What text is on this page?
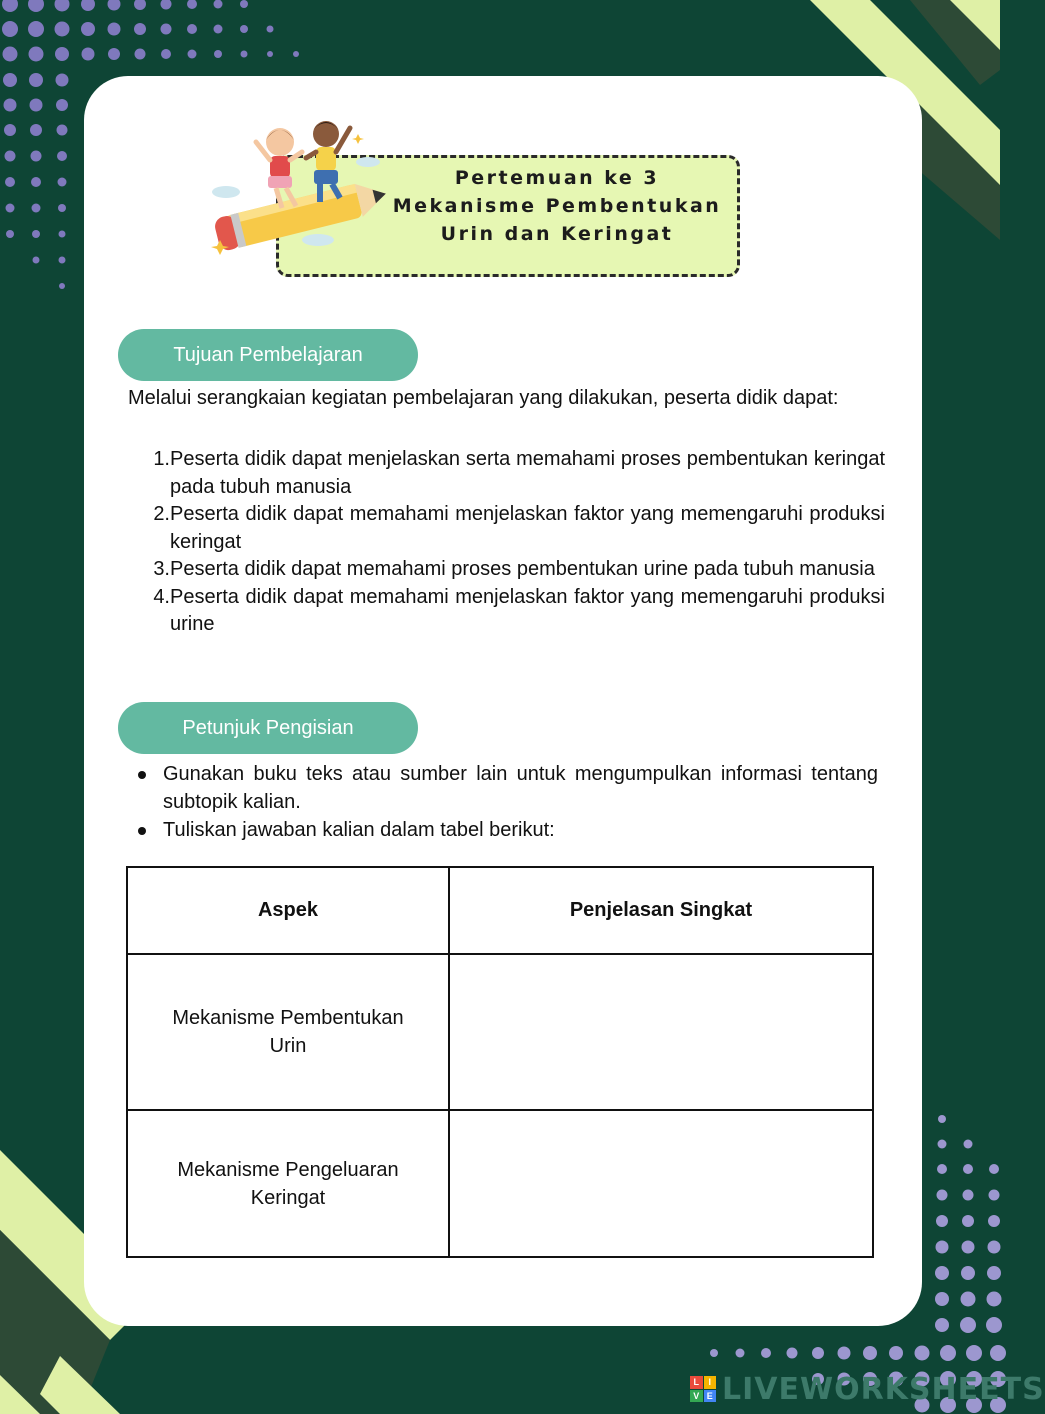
Pertemuan ke 3
Mekanisme Pembentukan
Urin dan Keringat
Tujuan Pembelajaran
Melalui serangkaian kegiatan pembelajaran yang dilakukan, peserta didik dapat:
1. Peserta didik dapat menjelaskan serta memahami proses pembentukan keringat pada tubuh manusia
2. Peserta didik dapat memahami menjelaskan faktor yang memengaruhi produksi keringat
3. Peserta didik dapat memahami proses pembentukan urine pada tubuh manusia
4. Peserta didik dapat memahami menjelaskan faktor yang memengaruhi produksi urine
Petunjuk Pengisian
Gunakan buku teks atau sumber lain untuk mengumpulkan informasi tentang subtopik kalian.
Tuliskan jawaban kalian dalam tabel berikut:
Aspek	Penjelasan Singkat
Mekanisme Pembentukan Urin	
Mekanisme Pengeluaran Keringat	
L	I
V E LIVEWORKSHEETS
